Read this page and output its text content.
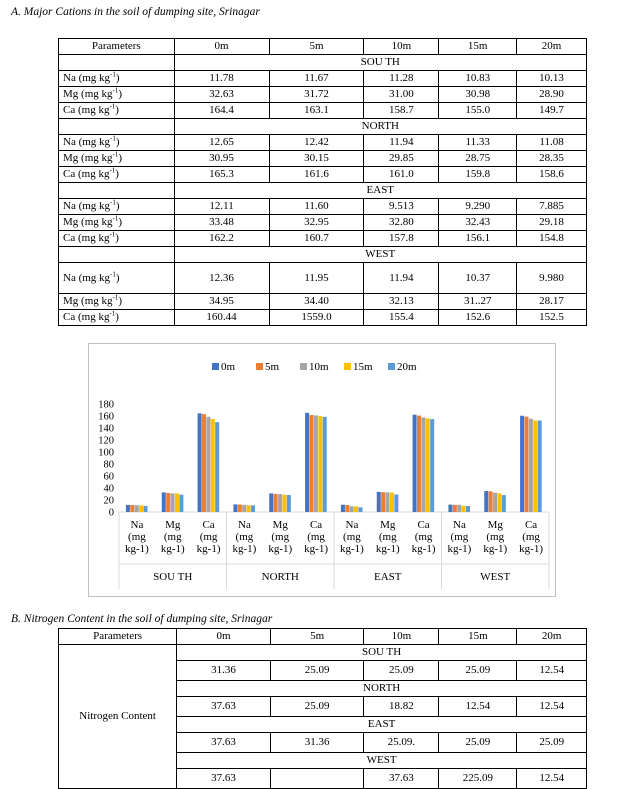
A. Major Cations in the soil of dumping site, Srinagar
Parameters	0m	5m	10m	15m	20m
	SOU TH				
Na (mg $kg^{-1}$)	11.78	11.67	11.28	10.83	10.13
Mg (mg $kg^{-1}$)	32.63	31.72	31.00	30.98	28.90
Ca (mg $kg^{-1}$)	164.4	163.1	158.7	155.0	149.7
	NORTH				
Na (mg $kg^{-1}$)	12.65	12.42	11.94	11.33	11.08
Mg (mg $kg^{-1}$)	30.95	30.15	29.85	28.75	28.35
Ca (mg $kg^{-1}$)	165.3	161.6	161.0	159.8	158.6
	EAST				
Na (mg $kg^{-1}$)	12.11	11.60	9.513	9.290	7.885
Mg (mg $kg^{-1}$)	33.48	32.95	32.80	32.43	29.18
Ca (mg $kg^{-1}$)	162.2	160.7	157.8	156.1	154.8
	WEST				
Na (mg $kg^{-1}$)	12.36	11.95	11.94	10.37	9.980
Mg (mg $kg^{-1}$)	34.95	34.40	32.13	31..27	28.17
Ca (mg $kg^{-1}$)	160.44	1559.0	155.4	152.6	152.5
0m	5m	10m 15m 20m
0
20
40
60
80
100
120
140
160
180
Na
(mg
kg-1)
Mg
(mg
kg-1)
Ca
(mg
kg-1)
Na
(mg
kg-1)
Mg
(mg
kg-1)
Ca
(mg
kg-1)
Na
(mg
kg-1)
Mg
(mg
kg-1)
Ca
(mg
kg-1)
Na
(mg
kg-1)
Mg
(mg
kg-1)
Ca
(mg
kg-1)
SOU TH	NORTH	EAST	WEST
B. Nitrogen Content in the soil of dumping site, Srinagar
Parameters	0m	5m	10m	15m	20m
Nitrogen Content	SOU TH				
	31.36	25.09	25.09	25.09	12.54
	NORTH				
	37.63	25.09	18.82	12.54	12.54
	EAST				
	37.63	31.36	25.09.	25.09	25.09
	WEST				
	37.63		37.63	225.09	12.54
